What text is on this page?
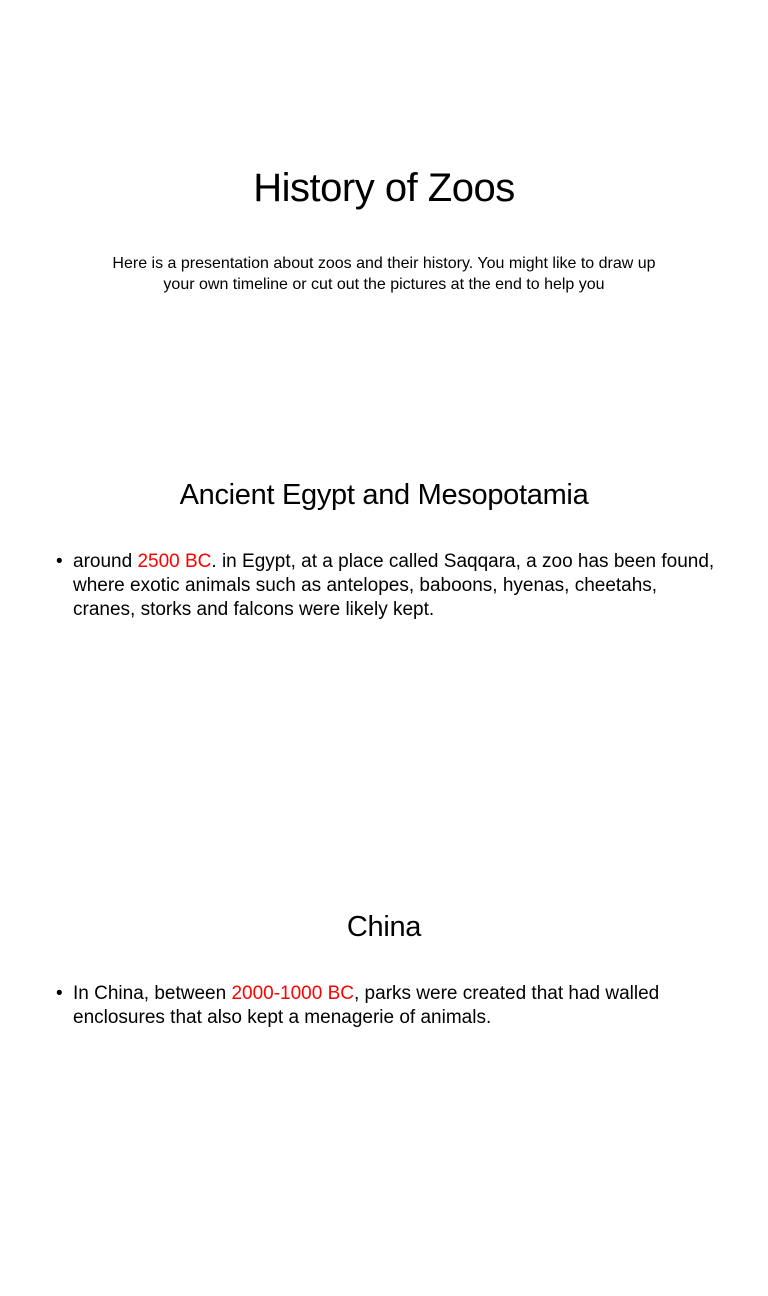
History of Zoos
Here is a presentation about zoos and their history. You might like to draw up your own timeline or cut out the pictures at the end to help you
Ancient Egypt and Mesopotamia
• around 2500 BC. in Egypt, at a place called Saqqara, a zoo has been found, where exotic animals such as antelopes, baboons, hyenas, cheetahs, cranes, storks and falcons were likely kept.
China
• In China, between 2000-1000 BC, parks were created that had walled enclosures that also kept a menagerie of animals.
